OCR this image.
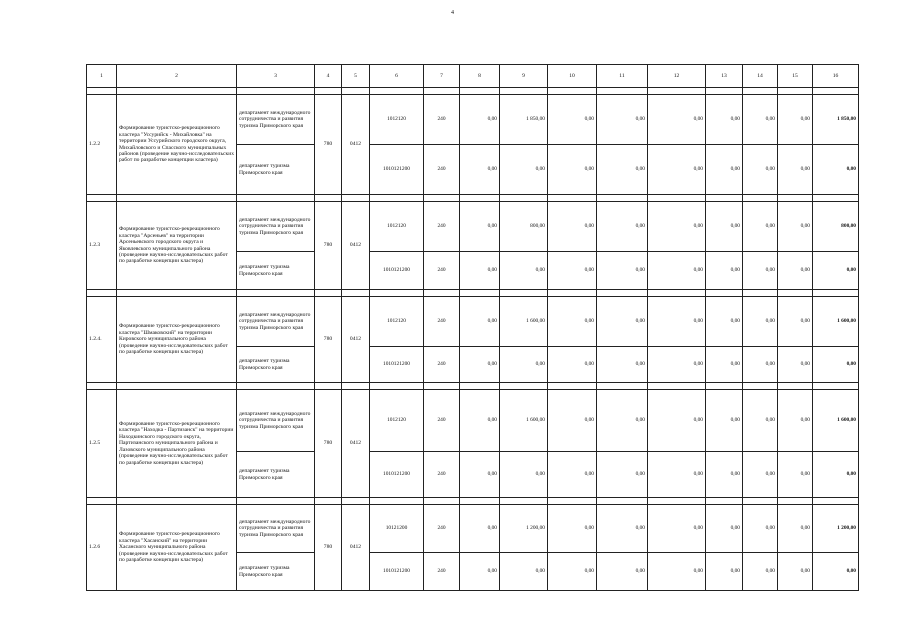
4
1	2	3	4	5	6	7	8	9	10	11	12	13	14	15	16

1.2.2	Формирование туристско-рекреационного кластера "Уссурийск - Михайловка" на территории Уссурийского городского округа, Михайловского и Спасского муниципальных районов (проведение научно-исследовательских работ по разработке концепции кластера)	департамент международного сотрудничества и развития туризма Приморского края	780	0412	1012120	240	0,00	1 850,00	0,00	0,00	0,00	0,00	0,00	0,00	1 850,00
		департамент туризма Приморского края			1010121200	240	0,00	0,00	0,00	0,00	0,00	0,00	0,00	0,00	0,00

1.2.3	Формирование туристско-рекреационного кластера "Арсеньев" на территории Арсеньевского городского округа и Яковлевского муниципального района (проведение научно-исследовательских работ по разработке концепции кластера)	департамент международного сотрудничества и развития туризма Приморского края	780	0412	1012120	240	0,00	800,00	0,00	0,00	0,00	0,00	0,00	0,00	800,00
		департамент туризма Приморского края			1010121200	240	0,00	0,00	0,00	0,00	0,00	0,00	0,00	0,00	0,00

1.2.4.	Формирование туристско-рекреационного кластера "Шмаковский" на территории Кировского муниципального района (проведение научно-исследовательских работ по разработке концепции кластера)	департамент международного сотрудничества и развития туризма Приморского края	780	0412	1012120	240	0,00	1 600,00	0,00	0,00	0,00	0,00	0,00	0,00	1 600,00
		департамент туризма Приморского края			1010121200	240	0,00	0,00	0,00	0,00	0,00	0,00	0,00	0,00	0,00

1.2.5	Формирование туристско-рекреационного кластера "Находка - Партизанск" на территории Находкинского городского округа, Партизанского муниципального района и Лазовского муниципального района (проведение научно-исследовательских работ по разработке концепции кластера)	департамент международного сотрудничества и развития туризма Приморского края	780	0412	1012120	240	0,00	1 600,00	0,00	0,00	0,00	0,00	0,00	0,00	1 600,00
		департамент туризма Приморского края			1010121200	240	0,00	0,00	0,00	0,00	0,00	0,00	0,00	0,00	0,00

1.2.6	Формирование туристско-рекреационного кластера "Хасанский" на территории Хасанского муниципального района (проведение научно-исследовательских работ по разработке концепции кластера)	департамент международного сотрудничества и развития туризма Приморского края	780	0412	10121200	240	0,00	1 200,00	0,00	0,00	0,00	0,00	0,00	0,00	1 200,00
		департамент туризма Приморского края			1010121200	240	0,00	0,00	0,00	0,00	0,00	0,00	0,00	0,00	0,00
